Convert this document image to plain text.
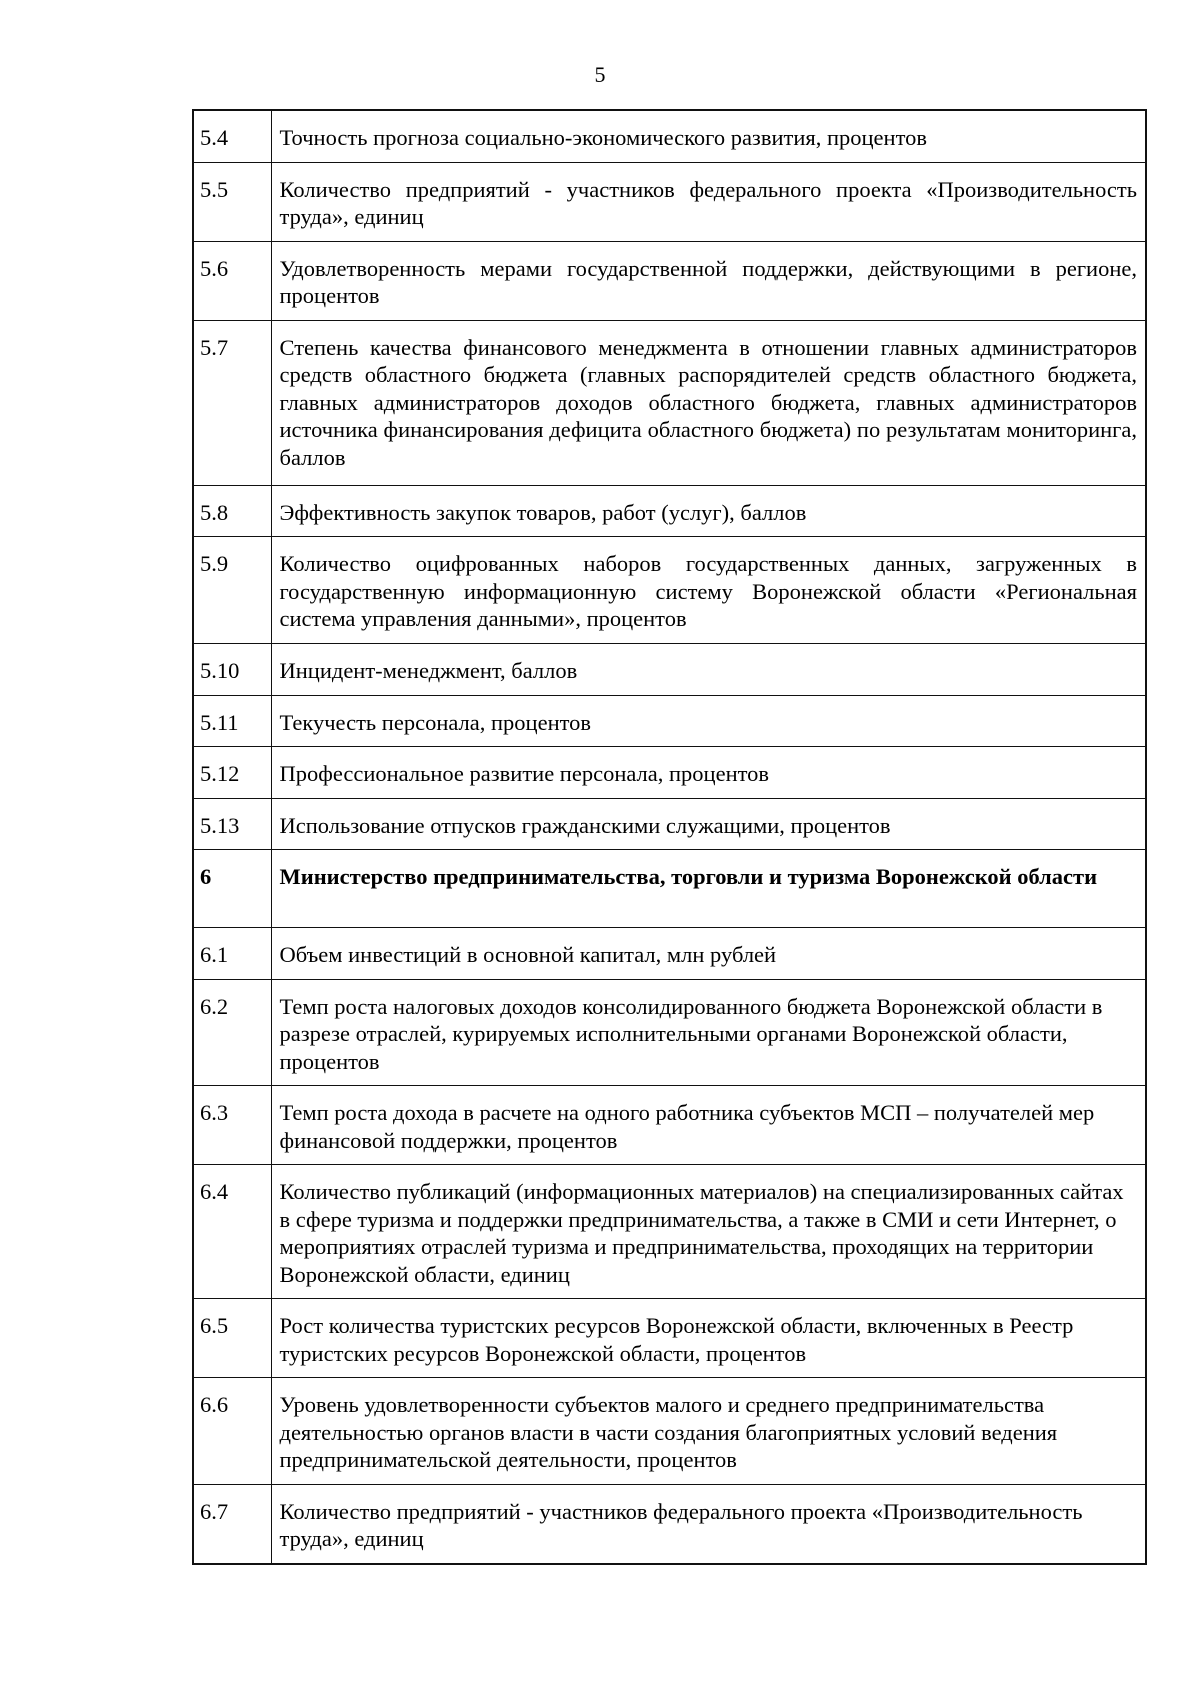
5
5.4	Точность прогноза социально-экономического развития, процентов
5.5	Количество предприятий - участников федерального проекта «Производительность труда», единиц
5.6	Удовлетворенность мерами государственной поддержки, действующими в регионе, процентов
5.7	Степень качества финансового менеджмента в отношении главных администраторов средств областного бюджета (главных распорядителей средств областного бюджета, главных администраторов доходов областного бюджета, главных администраторов источника финансирования дефицита областного бюджета) по результатам мониторинга, баллов
5.8	Эффективность закупок товаров, работ (услуг), баллов
5.9	Количество оцифрованных наборов государственных данных, загруженных в государственную информационную систему Воронежской области «Региональная система управления данными», процентов
5.10	Инцидент-менеджмент, баллов
5.11	Текучесть персонала, процентов
5.12	Профессиональное развитие персонала, процентов
5.13	Использование отпусков гражданскими служащими, процентов
6	Министерство предпринимательства, торговли и туризма Воронежской области
6.1	Объем инвестиций в основной капитал, млн рублей
6.2	Темп роста налоговых доходов консолидированного бюджета Воронежской области в разрезе отраслей, курируемых исполнительными органами Воронежской области, процентов
6.3	Темп роста дохода в расчете на одного работника субъектов МСП – получателей мер финансовой поддержки, процентов
6.4	Количество публикаций (информационных материалов) на специализированных сайтах в сфере туризма и поддержки предпринимательства, а также в СМИ и сети Интернет, о мероприятиях отраслей туризма и предпринимательства, проходящих на территории Воронежской области, единиц
6.5	Рост количества туристских ресурсов Воронежской области, включенных в Реестр туристских ресурсов Воронежской области, процентов
6.6	Уровень удовлетворенности субъектов малого и среднего предпринимательства деятельностью органов власти в части создания благоприятных условий ведения предпринимательской деятельности, процентов
6.7	Количество предприятий - участников федерального проекта «Производительность труда», единиц
